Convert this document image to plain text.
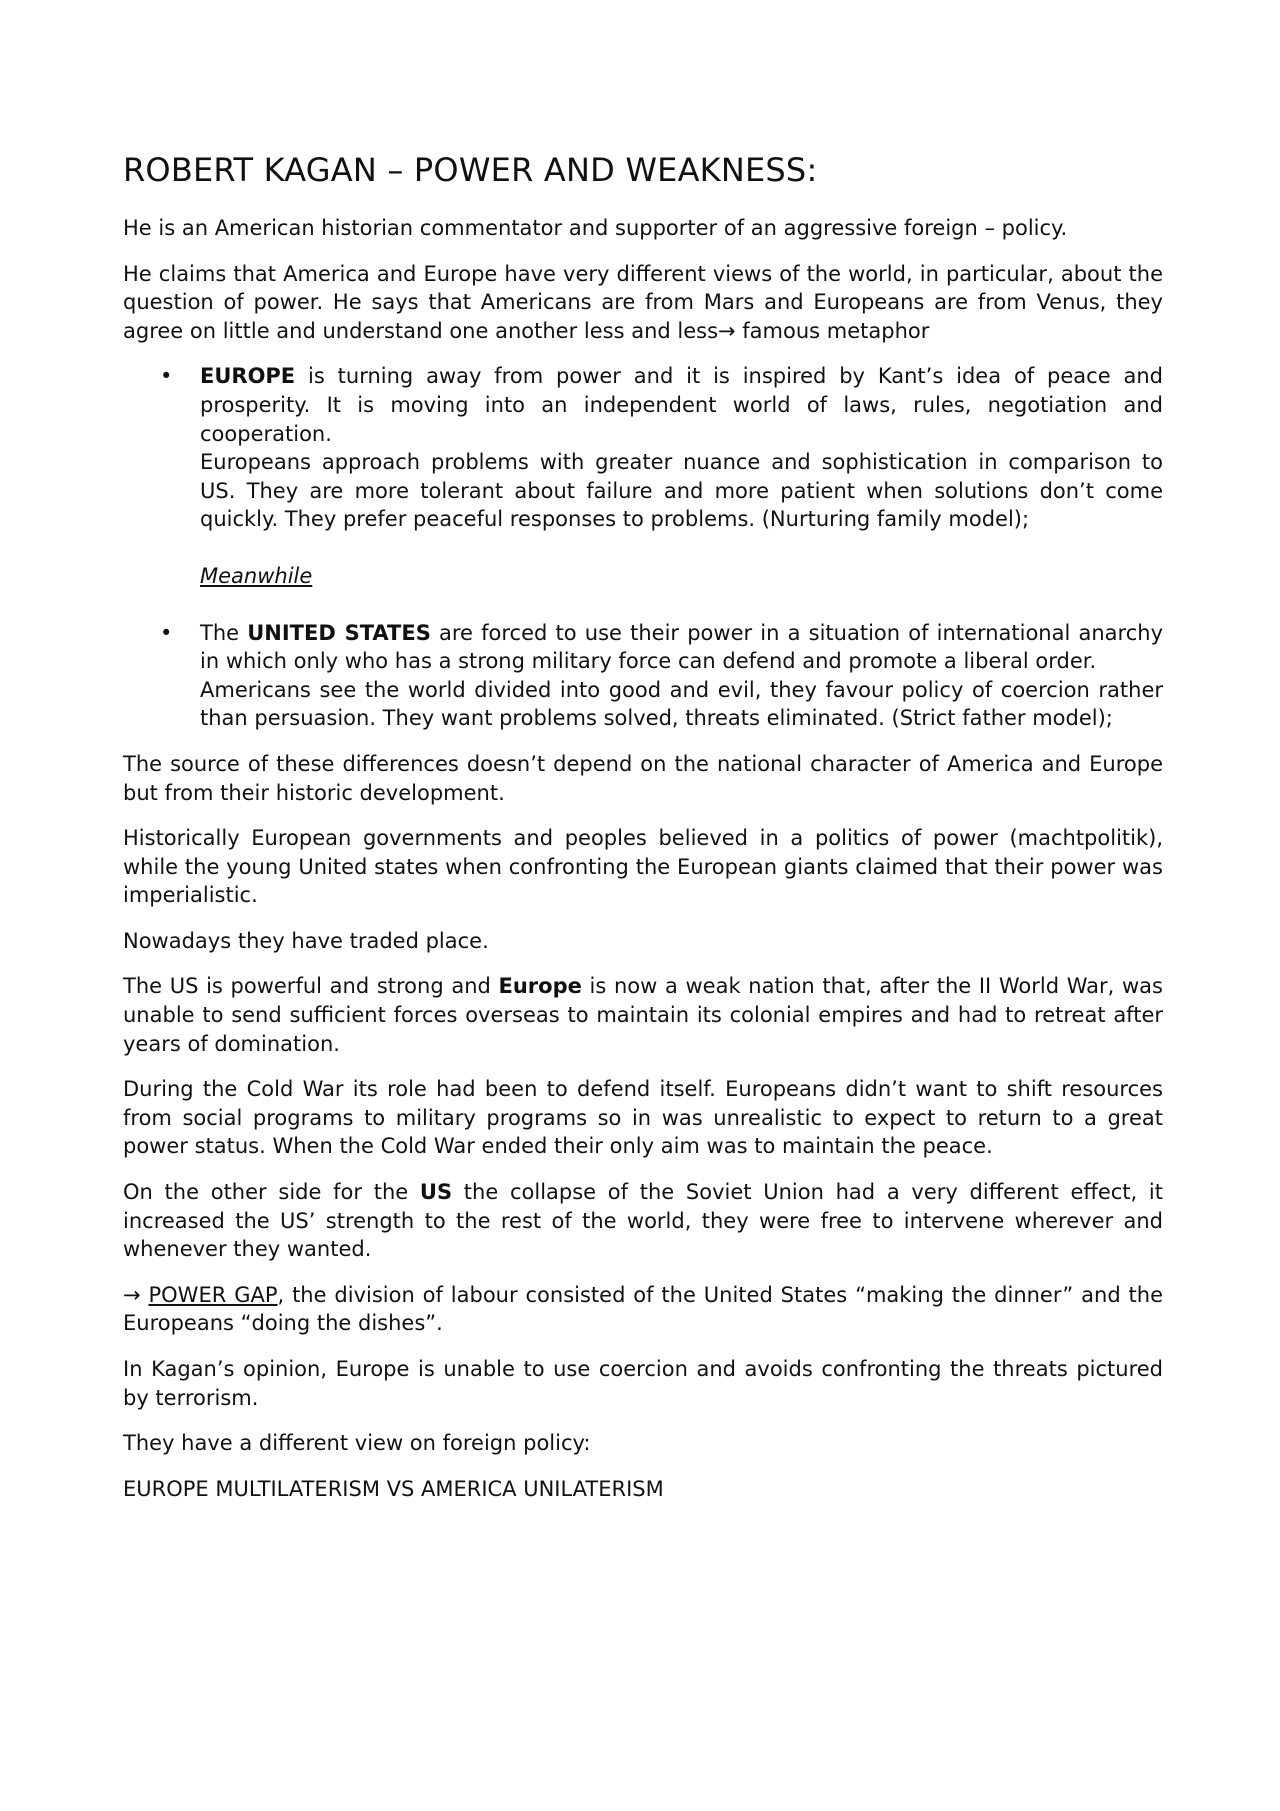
ROBERT KAGAN – POWER AND WEAKNESS:

He is an American historian commentator and supporter of an aggressive foreign – policy.

He claims that America and Europe have very different views of the world, in particular, about the question of power. He says that Americans are from Mars and Europeans are from Venus, they agree on little and understand one another less and less→ famous metaphor

• EUROPE is turning away from power and it is inspired by Kant’s idea of peace and prosperity. It is moving into an independent world of laws, rules, negotiation and cooperation.
Europeans approach problems with greater nuance and sophistication in comparison to US. They are more tolerant about failure and more patient when solutions don’t come quickly. They prefer peaceful responses to problems. (Nurturing family model);
Meanwhile
• The UNITED STATES are forced to use their power in a situation of international anarchy in which only who has a strong military force can defend and promote a liberal order.
Americans see the world divided into good and evil, they favour policy of coercion rather than persuasion. They want problems solved, threats eliminated. (Strict father model);

The source of these differences doesn’t depend on the national character of America and Europe but from their historic development.

Historically European governments and peoples believed in a politics of power (machtpolitik), while the young United states when confronting the European giants claimed that their power was imperialistic.

Nowadays they have traded place.

The US is powerful and strong and Europe is now a weak nation that, after the II World War, was unable to send sufficient forces overseas to maintain its colonial empires and had to retreat after years of domination.

During the Cold War its role had been to defend itself. Europeans didn’t want to shift resources from social programs to military programs so in was unrealistic to expect to return to a great power status. When the Cold War ended their only aim was to maintain the peace.

On the other side for the US the collapse of the Soviet Union had a very different effect, it increased the US’ strength to the rest of the world, they were free to intervene wherever and whenever they wanted.

→ POWER GAP, the division of labour consisted of the United States “making the dinner” and the Europeans “doing the dishes”.

In Kagan’s opinion, Europe is unable to use coercion and avoids confronting the threats pictured by terrorism.

They have a different view on foreign policy:

EUROPE MULTILATERISM VS AMERICA UNILATERISM
